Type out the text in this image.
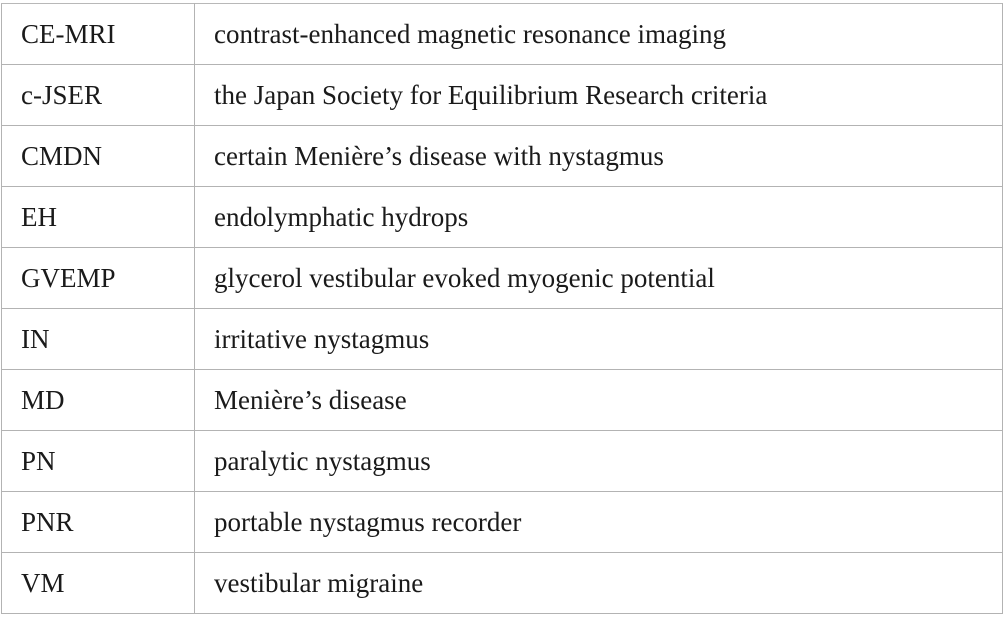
CE-MRI	contrast-enhanced magnetic resonance imaging
c-JSER	the Japan Society for Equilibrium Research criteria
CMDN	certain Menière’s disease with nystagmus
EH	endolymphatic hydrops
GVEMP	glycerol vestibular evoked myogenic potential
IN	irritative nystagmus
MD	Menière’s disease
PN	paralytic nystagmus
PNR	portable nystagmus recorder
VM	vestibular migraine
